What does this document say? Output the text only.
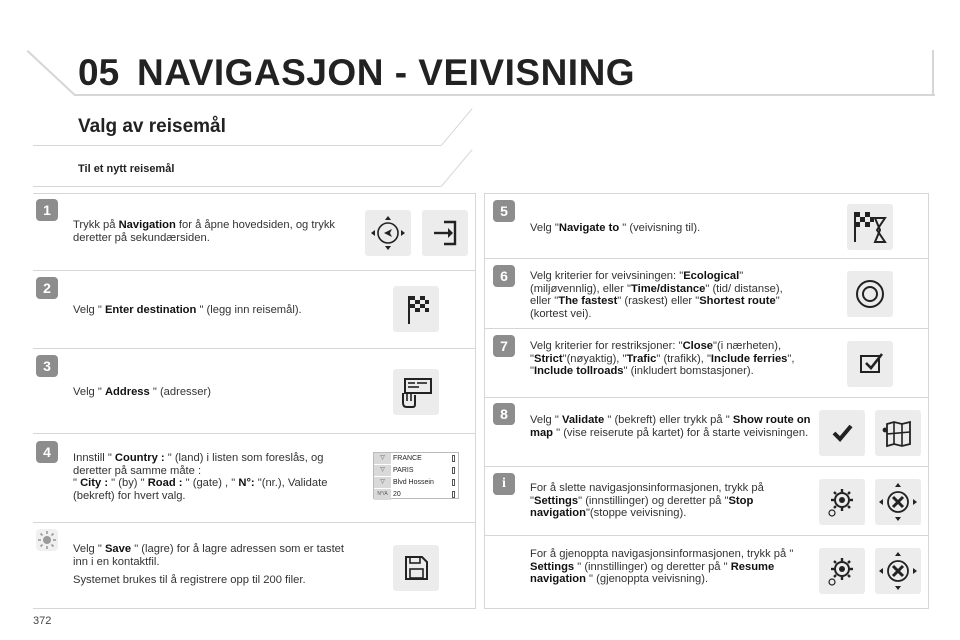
05 NAVIGASJON - VEIVISNING
Valg av reisemål
Til et nytt reisemål
1
Trykk på Navigation for å åpne hovedsiden, og trykk deretter på sekundærsiden.
2
Velg " Enter destination " (legg inn reisemål).
3
Velg " Address " (adresser)
4	Innstill " Country : " (land) i listen som foreslås, og deretter på samme måte :
" City : " (by) " Road : " (gate) , " N°: "(nr.), Validate (bekreft) for hvert valg.
▽	FRANCE
▽	PARIS
▽	Blvd Hossein
N°/A 20
Velg " Save " (lagre) for å lagre adressen som er tastet inn i en kontaktfil.
Systemet brukes til å registrere opp til 200 filer.
5
Velg "Navigate to " (veivisning til).
6	Velg kriterier for veivsiningen: "Ecological" (miljøvennlig), eller "Time/distance" (tid/ distanse), eller "The fastest" (raskest) eller "Shortest route"(kortest vei).
7	Velg kriterier for restriksjoner: "Close"(i nærheten), "Strict"(nøyaktig), "Trafic" (trafikk), "Include ferries", "Include tollroads" (inkludert bomstasjoner).
8	Velg " Validate " (bekreft) eller trykk på " Show route on map " (vise reiserute på kartet) for å starte veivisningen.
i	For å slette navigasjonsinformasjonen, trykk på "Settings" (innstillinger) og deretter på "Stop navigation"(stoppe veivisning).
For å gjenoppta navigasjonsinformasjonen, trykk på " Settings " (innstillinger) og deretter på " Resume navigation " (gjenoppta veivisning).
372
